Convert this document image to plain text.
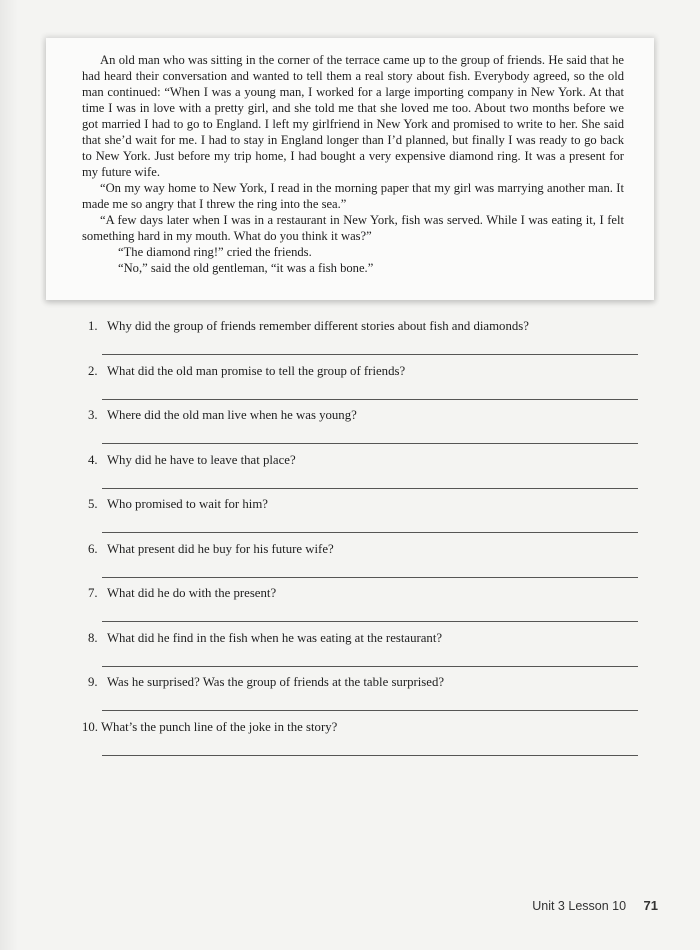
An old man who was sitting in the corner of the terrace came up to the group of friends. He said that he had heard their conversation and wanted to tell them a real story about fish. Everybody agreed, so the old man continued: “When I was a young man, I worked for a large importing company in New York. At that time I was in love with a pretty girl, and she told me that she loved me too. About two months before we got married I had to go to England. I left my girlfriend in New York and promised to write to her. She said that she’d wait for me. I had to stay in England longer than I’d planned, but finally I was ready to go back to New York. Just before my trip home, I had bought a very expensive diamond ring. It was a present for my future wife.

“On my way home to New York, I read in the morning paper that my girl was marrying another man. It made me so angry that I threw the ring into the sea.”

“A few days later when I was in a restaurant in New York, fish was served. While I was eating it, I felt something hard in my mouth. What do you think it was?”

“The diamond ring!” cried the friends.

“No,” said the old gentleman, “it was a fish bone.”

1. Why did the group of friends remember different stories about fish and diamonds?
2. What did the old man promise to tell the group of friends?
3. Where did the old man live when he was young?
4. Why did he have to leave that place?
5. Who promised to wait for him?
6. What present did he buy for his future wife?
7. What did he do with the present?
8. What did he find in the fish when he was eating at the restaurant?
9. Was he surprised? Was the group of friends at the table surprised?
10. What’s the punch line of the joke in the story?
Unit 3 Lesson 10 71
